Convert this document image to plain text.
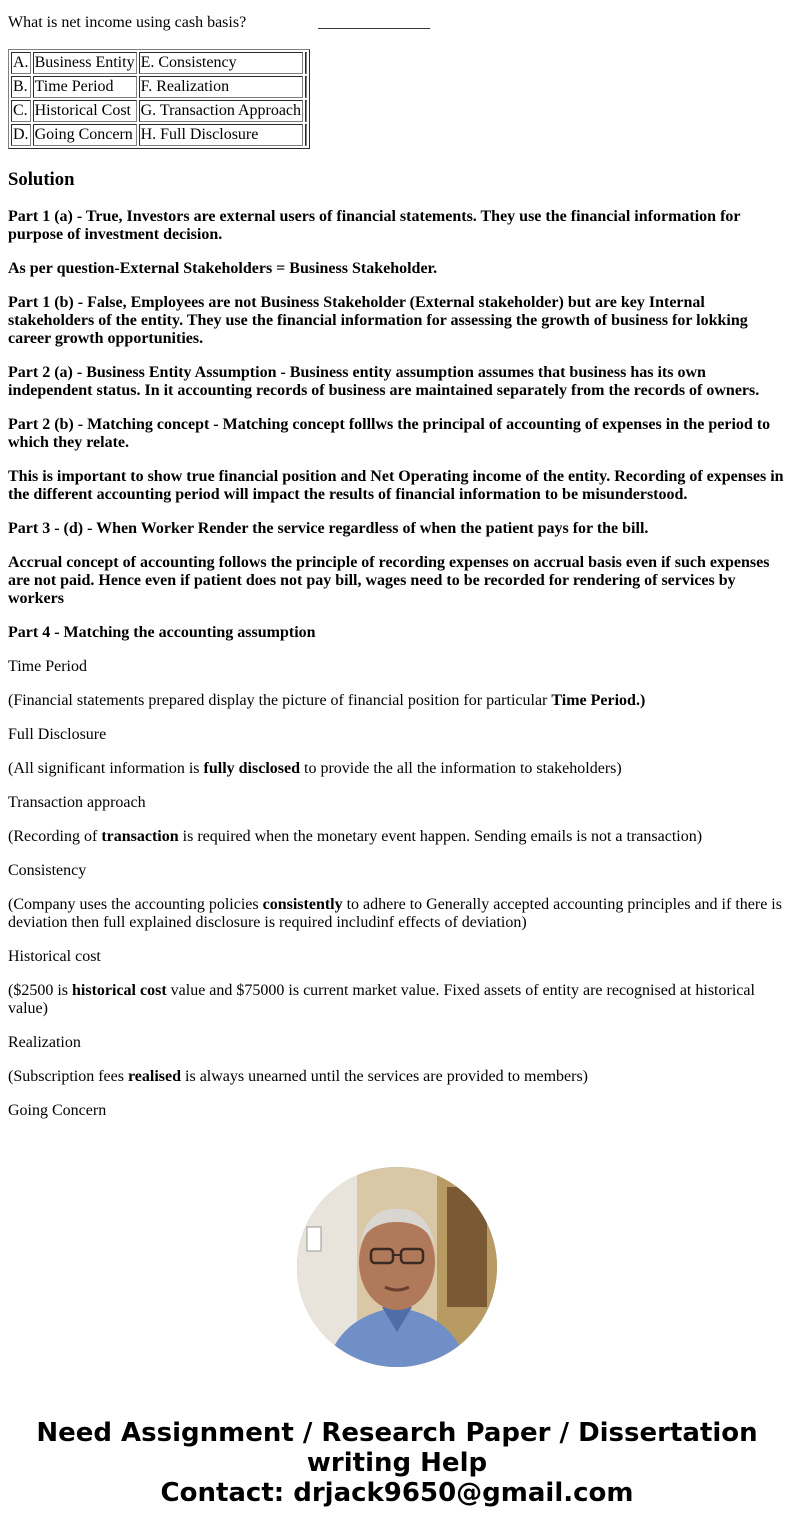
What is net income using cash basis?	______________
A.	Business Entity	E. Consistency	
B.	Time Period	F. Realization	
C.	Historical Cost	G. Transaction Approach	
D.	Going Concern	H. Full Disclosure	
Solution

Part 1 (a) - True, Investors are external users of financial statements. They use the financial information for purpose of investment decision.

As per question-External Stakeholders = Business Stakeholder.

Part 1 (b) - False, Employees are not Business Stakeholder (External stakeholder) but are key Internal stakeholders of the entity. They use the financial information for assessing the growth of business for lokking career growth opportunities.

Part 2 (a) - Business Entity Assumption - Business entity assumption assumes that business has its own independent status. In it accounting records of business are maintained separately from the records of owners.

Part 2 (b) - Matching concept - Matching concept folllws the principal of accounting of expenses in the period to which they relate.

This is important to show true financial position and Net Operating income of the entity. Recording of expenses in the different accounting period will impact the results of financial information to be misunderstood.

Part 3 - (d) - When Worker Render the service regardless of when the patient pays for the bill.

Accrual concept of accounting follows the principle of recording expenses on accrual basis even if such expenses are not paid. Hence even if patient does not pay bill, wages need to be recorded for rendering of services by workers

Part 4 - Matching the accounting assumption

Time Period

(Financial statements prepared display the picture of financial position for particular Time Period.)

Full Disclosure

(All significant information is fully disclosed to provide the all the information to stakeholders)

Transaction approach

(Recording of transaction is required when the monetary event happen. Sending emails is not a transaction)

Consistency

(Company uses the accounting policies consistently to adhere to Generally accepted accounting principles and if there is deviation then full explained disclosure is required includinf effects of deviation)

Historical cost

($2500 is historical cost value and $75000 is current market value. Fixed assets of entity are recognised at historical value)

Realization

(Subscription fees realised is always unearned until the services are provided to members)

Going Concern

Need Assignment / Research Paper / Dissertation
writing Help
Contact: drjack9650@gmail.com
